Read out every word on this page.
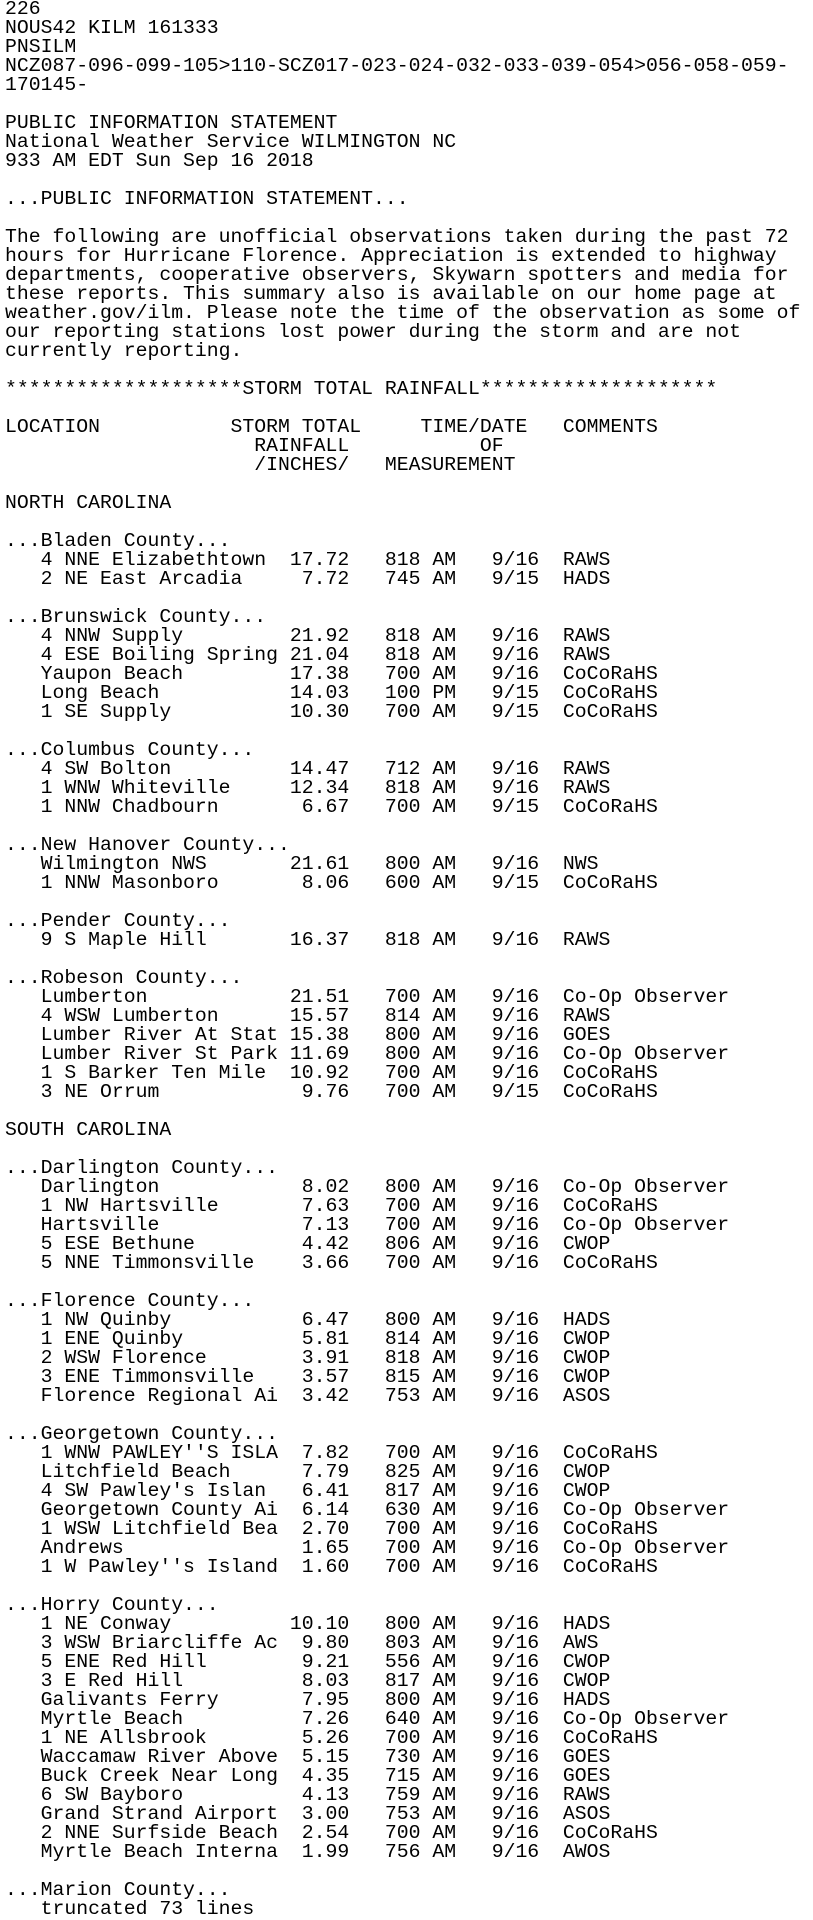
226
NOUS42 KILM 161333
PNSILM
NCZ087-096-099-105>110-SCZ017-023-024-032-033-039-054>056-058-059-
170145-
PUBLIC INFORMATION STATEMENT
National Weather Service WILMINGTON NC
933 AM EDT Sun Sep 16 2018
...PUBLIC INFORMATION STATEMENT...
The following are unofficial observations taken during the past 72
hours for Hurricane Florence. Appreciation is extended to highway
departments, cooperative observers, Skywarn spotters and media for
these reports. This summary also is available on our home page at
weather.gov/ilm. Please note the time of the observation as some of
our reporting stations lost power during the storm and are not
currently reporting.
********************STORM TOTAL RAINFALL********************
LOCATION           STORM TOTAL     TIME/DATE   COMMENTS
RAINFALL           OF
/INCHES/   MEASUREMENT
NORTH CAROLINA
...Bladen County...
4 NNE Elizabethtown  17.72   818 AM   9/16  RAWS
2 NE East Arcadia     7.72   745 AM   9/15  HADS
...Brunswick County...
4 NNW Supply         21.92   818 AM   9/16  RAWS
4 ESE Boiling Spring 21.04   818 AM   9/16  RAWS
Yaupon Beach         17.38   700 AM   9/16  CoCoRaHS
Long Beach           14.03   100 PM   9/15  CoCoRaHS
1 SE Supply          10.30   700 AM   9/15  CoCoRaHS
...Columbus County...
4 SW Bolton          14.47   712 AM   9/16  RAWS
1 WNW Whiteville     12.34   818 AM   9/16  RAWS
1 NNW Chadbourn       6.67   700 AM   9/15  CoCoRaHS
...New Hanover County...
Wilmington NWS       21.61   800 AM   9/16  NWS
1 NNW Masonboro       8.06   600 AM   9/15  CoCoRaHS
...Pender County...
9 S Maple Hill       16.37   818 AM   9/16  RAWS
...Robeson County...
Lumberton            21.51   700 AM   9/16  Co-Op Observer
4 WSW Lumberton      15.57   814 AM   9/16  RAWS
Lumber River At Stat 15.38   800 AM   9/16  GOES
Lumber River St Park 11.69   800 AM   9/16  Co-Op Observer
1 S Barker Ten Mile  10.92   700 AM   9/16  CoCoRaHS
3 NE Orrum            9.76   700 AM   9/15  CoCoRaHS
SOUTH CAROLINA
...Darlington County...
Darlington            8.02   800 AM   9/16  Co-Op Observer
1 NW Hartsville       7.63   700 AM   9/16  CoCoRaHS
Hartsville            7.13   700 AM   9/16  Co-Op Observer
5 ESE Bethune         4.42   806 AM   9/16  CWOP
5 NNE Timmonsville    3.66   700 AM   9/16  CoCoRaHS
...Florence County...
1 NW Quinby           6.47   800 AM   9/16  HADS
1 ENE Quinby          5.81   814 AM   9/16  CWOP
2 WSW Florence        3.91   818 AM   9/16  CWOP
3 ENE Timmonsville    3.57   815 AM   9/16  CWOP
Florence Regional Ai  3.42   753 AM   9/16  ASOS
...Georgetown County...
1 WNW PAWLEY''S ISLA  7.82   700 AM   9/16  CoCoRaHS
Litchfield Beach      7.79   825 AM   9/16  CWOP
4 SW Pawley's Islan   6.41   817 AM   9/16  CWOP
Georgetown County Ai  6.14   630 AM   9/16  Co-Op Observer
1 WSW Litchfield Bea  2.70   700 AM   9/16  CoCoRaHS
Andrews               1.65   700 AM   9/16  Co-Op Observer
1 W Pawley''s Island  1.60   700 AM   9/16  CoCoRaHS
...Horry County...
1 NE Conway          10.10   800 AM   9/16  HADS
3 WSW Briarcliffe Ac  9.80   803 AM   9/16  AWS
5 ENE Red Hill        9.21   556 AM   9/16  CWOP
3 E Red Hill          8.03   817 AM   9/16  CWOP
Galivants Ferry       7.95   800 AM   9/16  HADS
Myrtle Beach          7.26   640 AM   9/16  Co-Op Observer
1 NE Allsbrook        5.26   700 AM   9/16  CoCoRaHS
Waccamaw River Above  5.15   730 AM   9/16  GOES
Buck Creek Near Long  4.35   715 AM   9/16  GOES
6 SW Bayboro          4.13   759 AM   9/16  RAWS
Grand Strand Airport  3.00   753 AM   9/16  ASOS
2 NNE Surfside Beach  2.54   700 AM   9/16  CoCoRaHS
Myrtle Beach Interna  1.99   756 AM   9/16  AWOS
...Marion County...
truncated 73 lines
